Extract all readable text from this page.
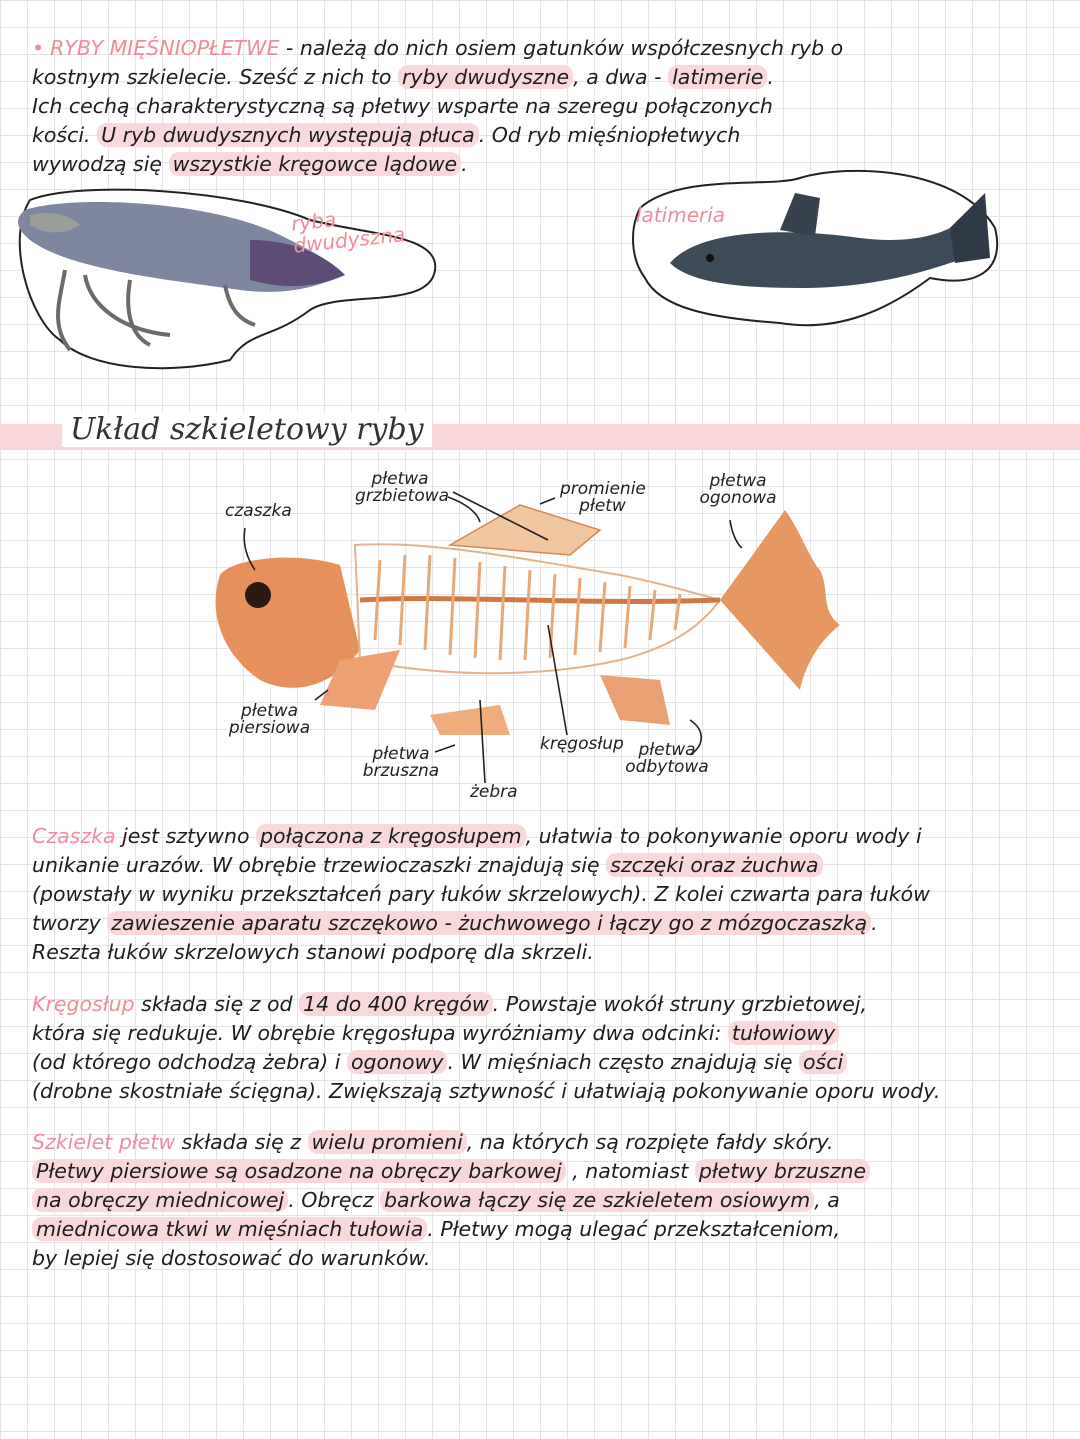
• RYBY MIĘŚNIOPŁETWE - należą do nich osiem gatunków współczesnych ryb o
kostnym szkielecie. Sześć z nich to ryby dwudyszne , a dwa - latimerie .
Ich cechą charakterystyczną są płetwy wsparte na szeregu połączonych
kości. U ryb dwudysznych występują płuca . Od ryb mięśniopłetwych
wywodzą się wszystkie kręgowce lądowe .
ryba dwudyszna
latimeria
Układ szkieletowy ryby
czaszka
płetwa grzbietowa	promienie płetw
płetwa ogonowa
płetwa piersiowa
płetwa brzuszna
żebra
kręgosłup płetwa odbytowa
Czaszka jest sztywno połączona z kręgosłupem , ułatwia to pokonywanie oporu wody i
unikanie urazów. W obrębie trzewioczaszki znajdują się szczęki oraz żuchwa
(powstały w wyniku przekształceń pary łuków skrzelowych). Z kolei czwarta para łuków
tworzy zawieszenie aparatu szczękowo - żuchwowego i łączy go z mózgoczaszką .
Reszta łuków skrzelowych stanowi podporę dla skrzeli.
Kręgosłup składa się z od 14 do 400 kręgów . Powstaje wokół struny grzbietowej,
która się redukuje. W obrębie kręgosłupa wyróżniamy dwa odcinki: tułowiowy
(od którego odchodzą żebra) i ogonowy . W mięśniach często znajdują się ości
(drobne skostniałe ścięgna). Zwiększają sztywność i ułatwiają pokonywanie oporu wody.
Szkielet płetw składa się z wielu promieni , na których są rozpięte fałdy skóry.
Płetwy piersiowe są osadzone na obręczy barkowej , natomiast płetwy brzuszne
na obręczy miednicowej . Obręcz barkowa łączy się ze szkieletem osiowym , a
miednicowa tkwi w mięśniach tułowia . Płetwy mogą ulegać przekształceniom,
by lepiej się dostosować do warunków.
